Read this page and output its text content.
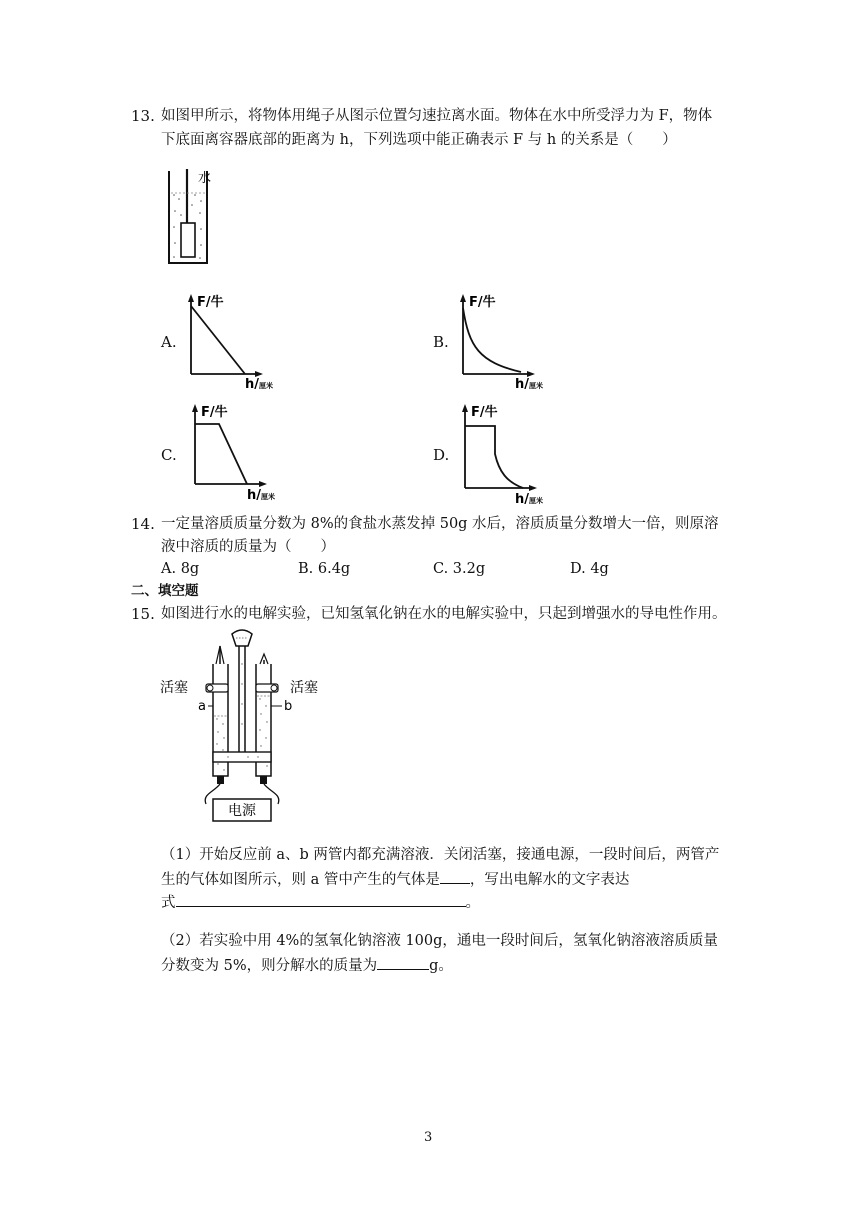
13. 如图甲所示，将物体用绳子从图示位置匀速拉离水面。物体在水中所受浮力为 F，物体
下底面离容器底部的距离为 h，下列选项中能正确表示 F 与 h 的关系是（　　）
水
A.
F/牛
h/ 厘米
B.
F/牛
h/ 厘米
C.
F/牛
h/ 厘米
D.
F/牛
h/ 厘米
14. 一定量溶质质量分数为 8%的食盐水蒸发掉 50g 水后，溶质质量分数增大一倍，则原溶
液中溶质的质量为（　　）
A. 8g	B. 6.4g	C. 3.2g	D. 4g
二、填空题
15. 如图进行水的电解实验，已知氢氧化钠在水的电解实验中，只起到增强水的导电性作用。
活塞	活塞
a	b
电源
（1）开始反应前 a、b 两管内都充满溶液．关闭活塞，接通电源，一段时间后，两管产
生的气体如图所示，则 a 管中产生的气体是 ，写出电解水的文字表达
式	。
（2）若实验中用 4%的氢氧化钠溶液 100g，通电一段时间后，氢氧化钠溶液溶质质量
分数变为 5%，则分解水的质量为	g。
3
